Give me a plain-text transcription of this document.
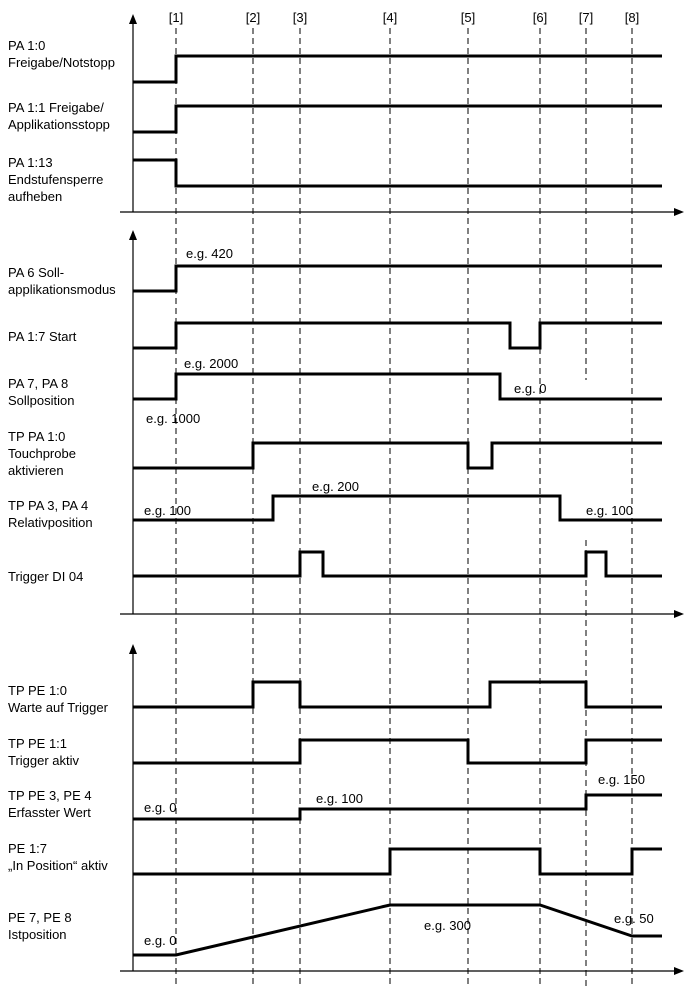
[1]	[2]	[3]	[4]	[5]	[6] [7] [8]
PA 1:0
Freigabe/Notstopp
PA 1:1 Freigabe/
Applikationsstopp
PA 1:13
Endstufensperre
aufheben
PA 6 Soll-
applikationsmodus
PA 1:7 Start
PA 7, PA 8
Sollposition
TP PA 1:0
Touchprobe
aktivieren
TP PA 3, PA 4
Relativposition
Trigger DI 04
TP PE 1:0
Warte auf Trigger
TP PE 1:1
Trigger aktiv
TP PE 3, PE 4
Erfasster Wert
PE 1:7
„In Position“ aktiv
PE 7, PE 8
Istposition
e.g. 420
e.g. 2000
e.g. 1000
e.g. 0
e.g. 100
e.g. 200
e.g. 100
e.g. 0
e.g. 100
e.g. 150
e.g. 0
e.g. 300	e.g. 50
